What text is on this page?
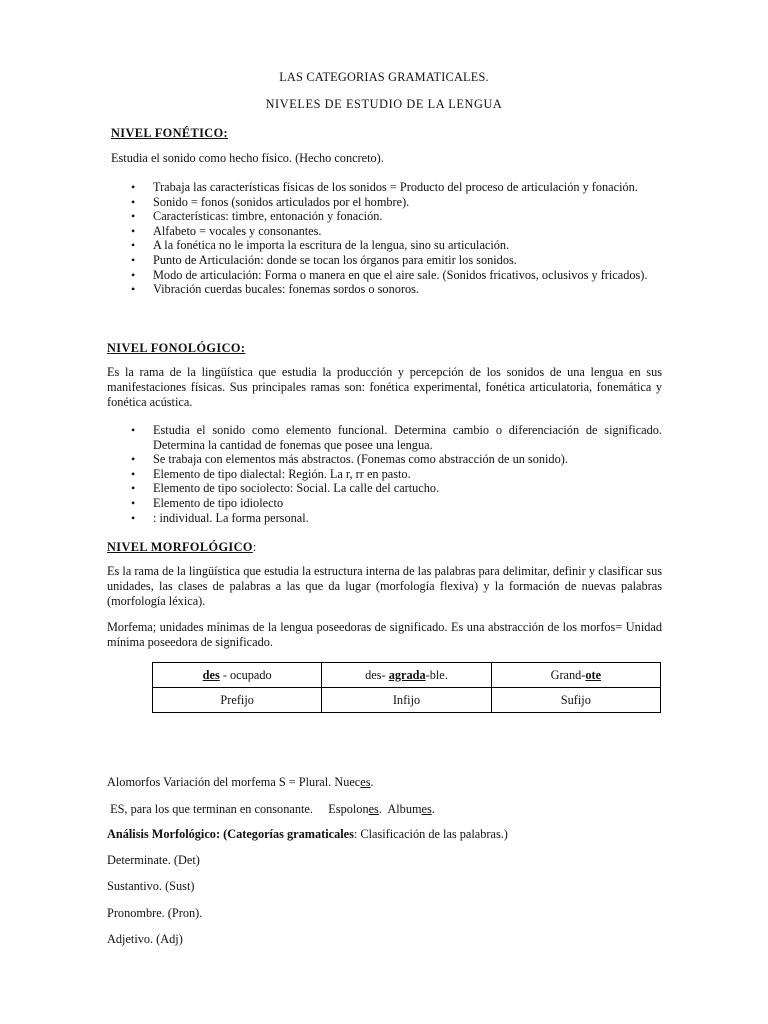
LAS CATEGORIAS GRAMATICALES.
NIVELES DE ESTUDIO DE LA LENGUA
NIVEL FONÉTICO:
Estudia el sonido como hecho físico. (Hecho concreto).
• Trabaja las características físicas de los sonidos = Producto del proceso de articulación y fonación.
• Sonido = fonos (sonidos articulados por el hombre).
• Características: timbre, entonación y fonación.
• Alfabeto = vocales y consonantes.
• A la fonética no le importa la escritura de la lengua, sino su articulación.
• Punto de Articulación: donde se tocan los órganos para emitir los sonidos.
• Modo de articulación: Forma o manera en que el aire sale. (Sonidos fricativos, oclusivos y fricados).
• Vibración cuerdas bucales: fonemas sordos o sonoros.
NIVEL FONOLÓGICO:
Es la rama de la lingüística que estudia la producción y percepción de los sonidos de una lengua en sus manifestaciones físicas. Sus principales ramas son: fonética experimental, fonética articulatoria, fonemática y fonética acústica.
• Estudia el sonido como elemento funcional. Determina cambio o diferenciación de significado. Determina la cantidad de fonemas que posee una lengua.
• Se trabaja con elementos más abstractos. (Fonemas como abstracción de un sonido).
• Elemento de tipo dialectal: Región. La r, rr en pasto.
• Elemento de tipo sociolecto: Social. La calle del cartucho.
• Elemento de tipo idiolecto
• : individual. La forma personal.
NIVEL MORFOLÓGICO:
Es la rama de la lingüística que estudia la estructura interna de las palabras para delimitar, definir y clasificar sus unidades, las clases de palabras a las que da lugar (morfología flexiva) y la formación de nuevas palabras (morfología léxica).
Morfema; unidades mínimas de la lengua poseedoras de significado. Es una abstracción de los morfos= Unidad mínima poseedora de significado.
des - ocupado	des- agrada-ble.	Grand-ote
Prefijo	Infijo	Sufijo
Alomorfos Variación del morfema S = Plural. Nueces.
ES, para los que terminan en consonante.     Espolones.  Albumes.
Análisis Morfológico: (Categorías gramaticales: Clasificación de las palabras.)
Determinate. (Det)
Sustantivo. (Sust)
Pronombre. (Pron).
Adjetivo. (Adj)
